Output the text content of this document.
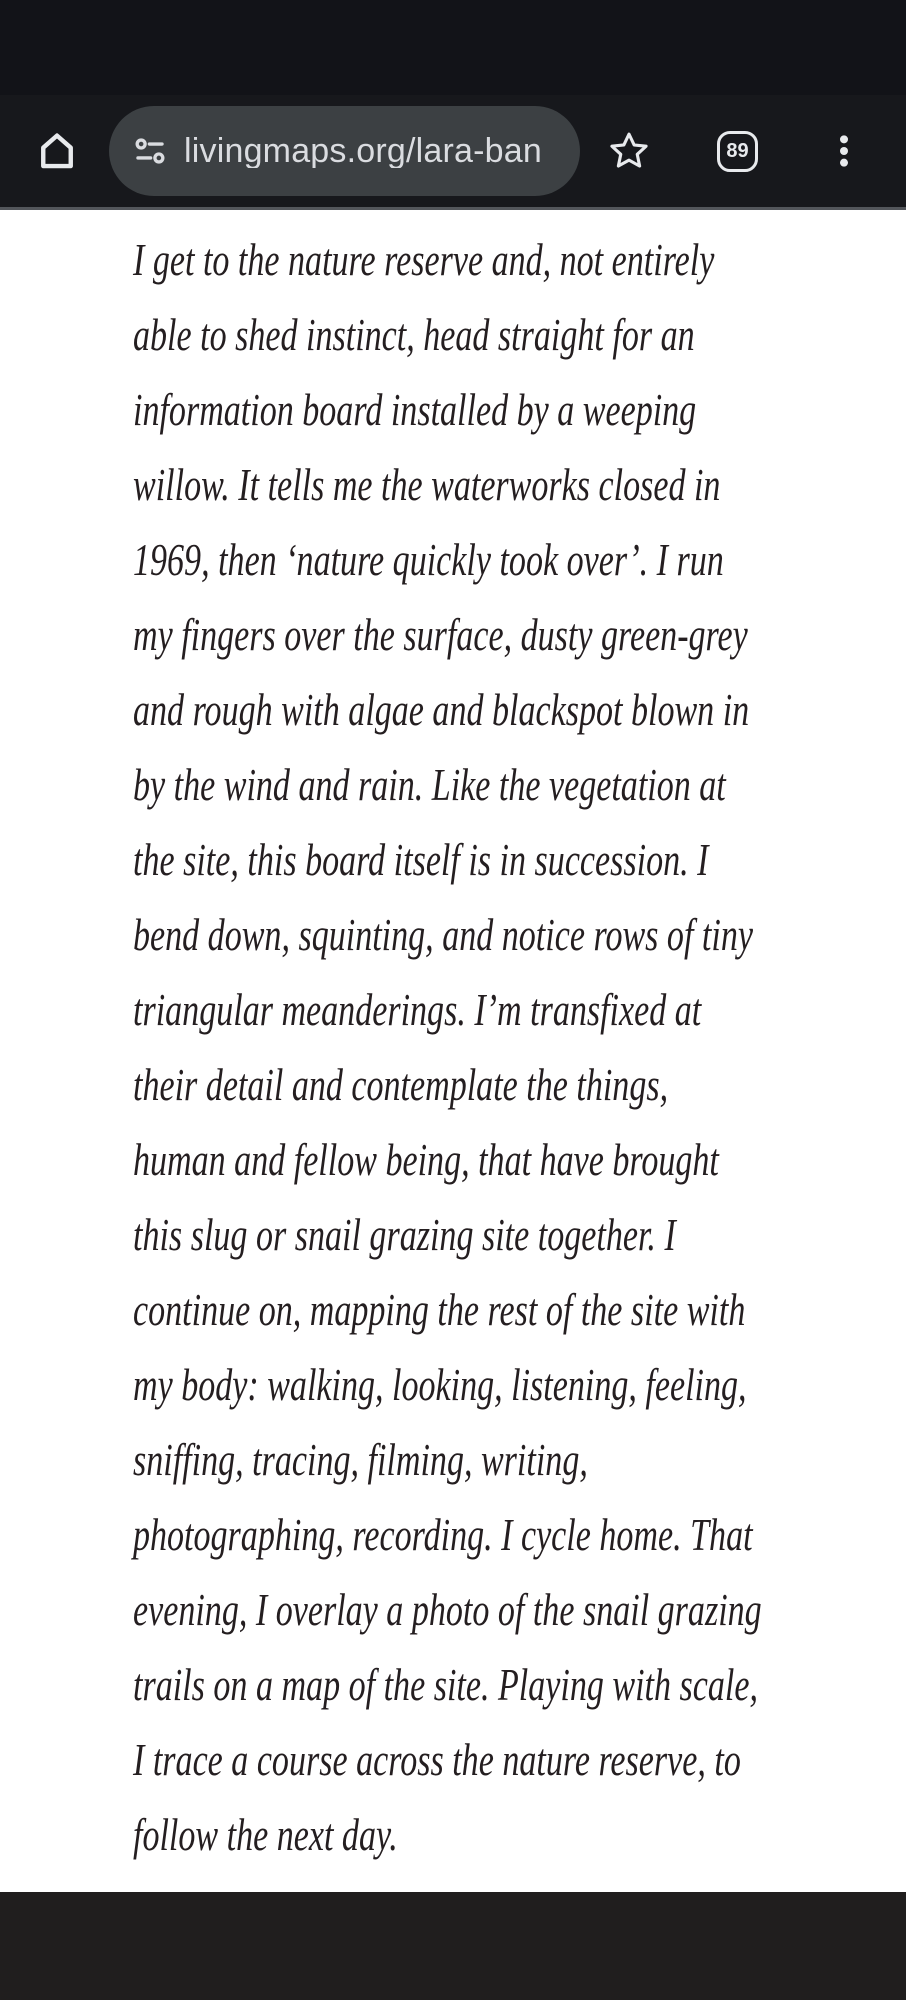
livingmaps.org/lara-ban	89
I get to the nature reserve and, not entirely
able to shed instinct, head straight for an
information board installed by a weeping
willow. It tells me the waterworks closed in
1969, then ‘nature quickly took over’. I run
my fingers over the surface, dusty green-grey
and rough with algae and blackspot blown in
by the wind and rain. Like the vegetation at
the site, this board itself is in succession. I
bend down, squinting, and notice rows of tiny
triangular meanderings. I’m transfixed at
their detail and contemplate the things,
human and fellow being, that have brought
this slug or snail grazing site together. I
continue on, mapping the rest of the site with
my body: walking, looking, listening, feeling,
sniffing, tracing, filming, writing,
photographing, recording. I cycle home. That
evening, I overlay a photo of the snail grazing
trails on a map of the site. Playing with scale,
I trace a course across the nature reserve, to
follow the next day.
